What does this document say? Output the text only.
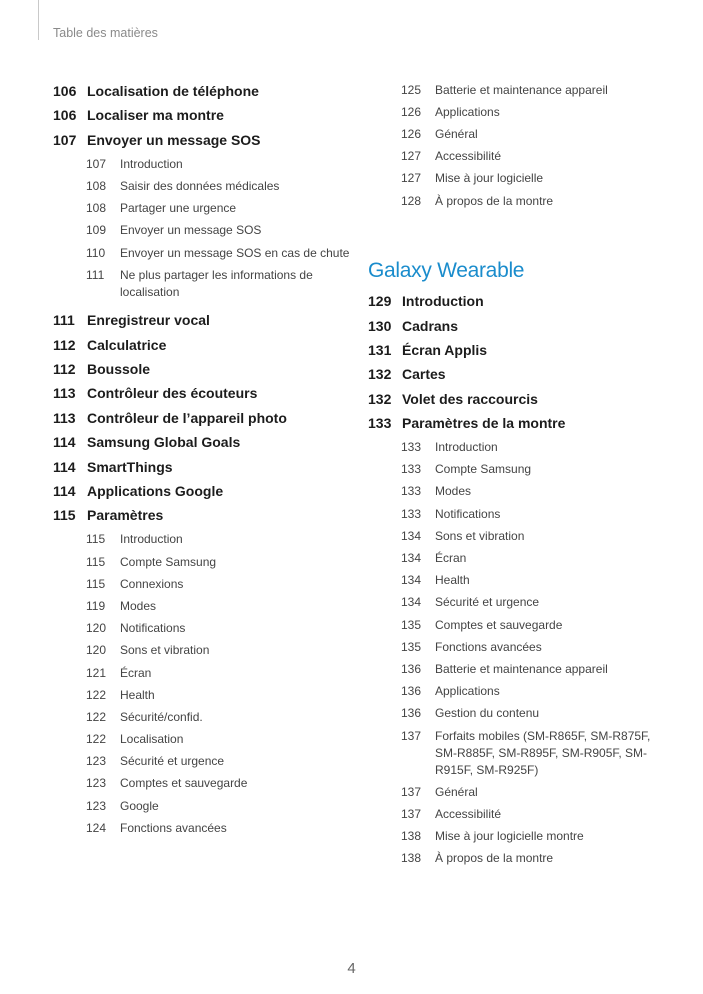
Table des matières
106 Localisation de téléphone
106 Localiser ma montre
107 Envoyer un message SOS
107 Introduction
108 Saisir des données médicales
108 Partager une urgence
109 Envoyer un message SOS
110 Envoyer un message SOS en cas de chute
111 Ne plus partager les informations de localisation
111 Enregistreur vocal
112 Calculatrice
112 Boussole
113 Contrôleur des écouteurs
113 Contrôleur de l’appareil photo
114 Samsung Global Goals
114 SmartThings
114 Applications Google
115 Paramètres
115 Introduction
115 Compte Samsung
115 Connexions
119 Modes
120 Notifications
120 Sons et vibration
121 Écran
122 Health
122 Sécurité/confid.
122 Localisation
123 Sécurité et urgence
123 Comptes et sauvegarde
123 Google
124 Fonctions avancées
125 Batterie et maintenance appareil
126 Applications
126 Général
127 Accessibilité
127 Mise à jour logicielle
128 À propos de la montre
Galaxy Wearable
129 Introduction
130 Cadrans
131 Écran Applis
132 Cartes
132 Volet des raccourcis
133 Paramètres de la montre
133 Introduction
133 Compte Samsung
133 Modes
133 Notifications
134 Sons et vibration
134 Écran
134 Health
134 Sécurité et urgence
135 Comptes et sauvegarde
135 Fonctions avancées
136 Batterie et maintenance appareil
136 Applications
136 Gestion du contenu
137 Forfaits mobiles (SM-R865F, SM-R875F, SM-R885F, SM-R895F, SM-R905F, SM-R915F, SM-R925F)
137 Général
137 Accessibilité
138 Mise à jour logicielle montre
138 À propos de la montre
4
